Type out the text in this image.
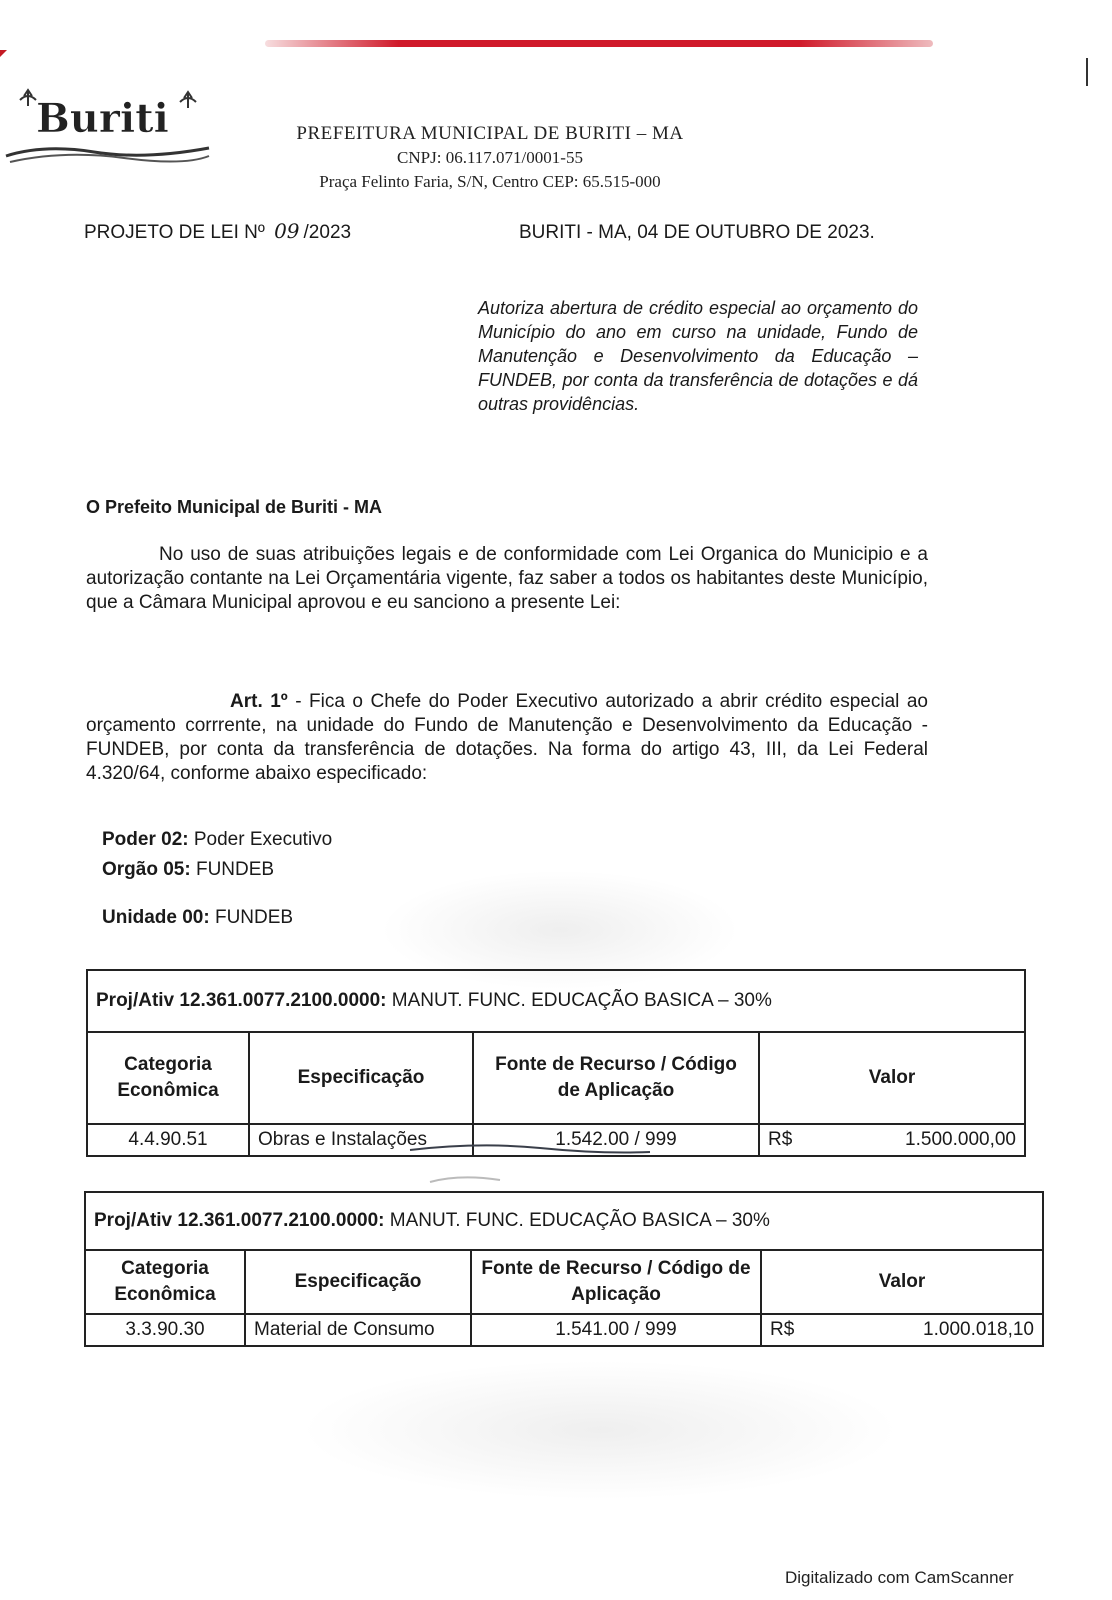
Buriti	PREFEITURA MUNICIPAL DE BURITI – MA
CNPJ: 06.117.071/0001-55
Praça Felinto Faria, S/N, Centro CEP: 65.515-000
PROJETO DE LEI Nº 09 /2023	BURITI - MA, 04 DE OUTUBRO DE 2023.
Autoriza abertura de crédito especial ao orçamento do Município do ano em curso na unidade, Fundo de Manutenção e Desenvolvimento da Educação – FUNDEB, por conta da transferência de dotações e dá outras providências.
O Prefeito Municipal de Buriti - MA
No uso de suas atribuições legais e de conformidade com Lei Organica do Municipio e a autorização contante na Lei Orçamentária vigente, faz saber a todos os habitantes deste Município, que a Câmara Municipal aprovou e eu sanciono a presente Lei:
Art. 1º - Fica o Chefe do Poder Executivo autorizado a abrir crédito especial ao orçamento corrrente, na unidade do Fundo de Manutenção e Desenvolvimento da Educação - FUNDEB, por conta da transferência de dotações. Na forma do artigo 43, III, da Lei Federal 4.320/64, conforme abaixo especificado:
Poder 02: Poder Executivo
Orgão 05: FUNDEB
Unidade 00: FUNDEB
Proj/Ativ 12.361.0077.2100.0000: MANUT. FUNC. EDUCAÇÃO BASICA – 30%			
Categoria Econômica	Especificação	Fonte de Recurso / Código de Aplicação	Valor
4.4.90.51	Obras e Instalações	1.542.00 / 999	R$ 1.500.000,00
Proj/Ativ 12.361.0077.2100.0000: MANUT. FUNC. EDUCAÇÃO BASICA – 30%			
Categoria Econômica	Especificação	Fonte de Recurso / Código de Aplicação	Valor
3.3.90.30	Material de Consumo	1.541.00 / 999	R$ 1.000.018,10
Digitalizado com CamScanner
